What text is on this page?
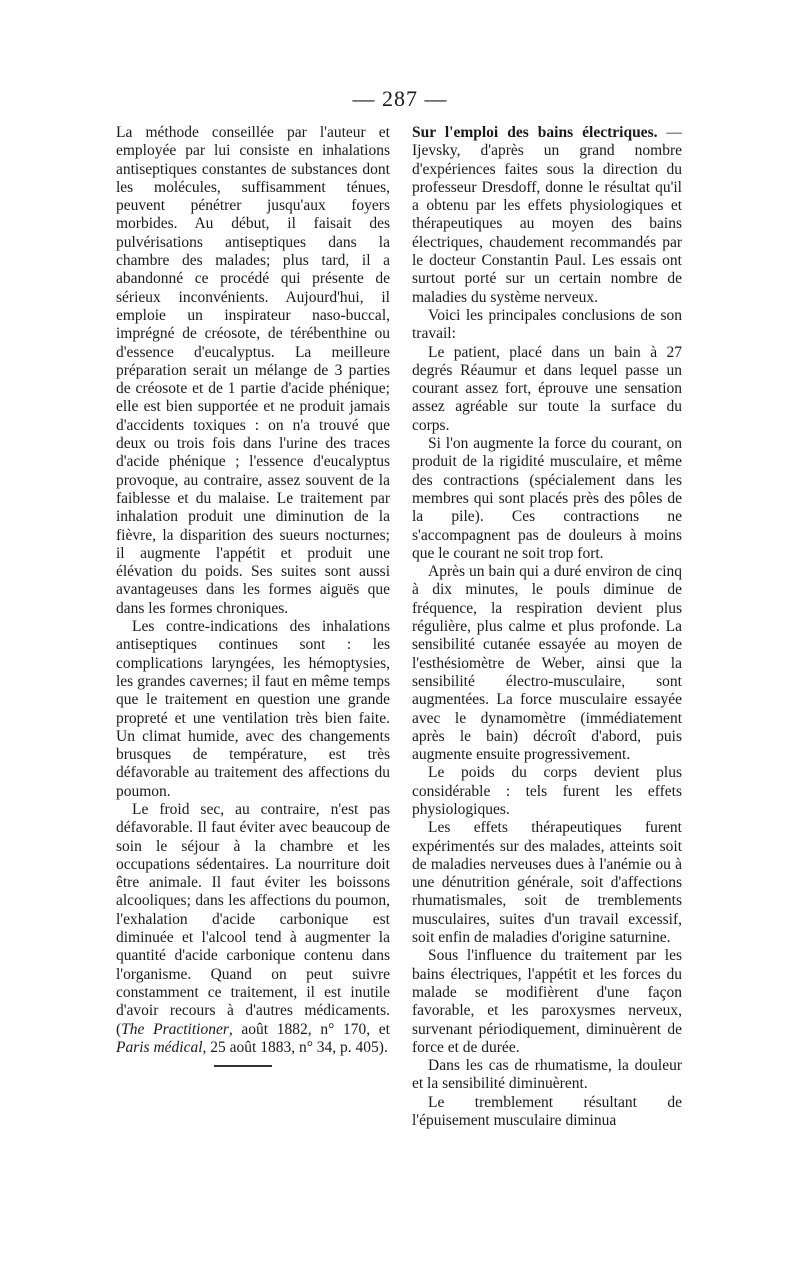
— 287 —

La méthode conseillée par l'auteur et employée par lui consiste en inhalations antiseptiques constantes de substances dont les molécules, suffisamment ténues, peuvent pénétrer jusqu'aux foyers morbides. Au début, il faisait des pulvérisations antiseptiques dans la chambre des malades; plus tard, il a abandonné ce procédé qui présente de sérieux inconvénients. Aujourd'hui, il emploie un inspirateur naso-buccal, imprégné de créosote, de térébenthine ou d'essence d'eucalyptus. La meilleure préparation serait un mélange de 3 parties de créosote et de 1 partie d'acide phénique; elle est bien supportée et ne produit jamais d'accidents toxiques : on n'a trouvé que deux ou trois fois dans l'urine des traces d'acide phénique ; l'essence d'eucalyptus provoque, au contraire, assez souvent de la faiblesse et du malaise. Le traitement par inhalation produit une diminution de la fièvre, la disparition des sueurs nocturnes; il augmente l'appétit et produit une élévation du poids. Ses suites sont aussi avantageuses dans les formes aiguës que dans les formes chroniques.

Les contre-indications des inhalations antiseptiques continues sont : les complications laryngées, les hémoptysies, les grandes cavernes; il faut en même temps que le traitement en question une grande propreté et une ventilation très bien faite. Un climat humide, avec des changements brusques de température, est très défavorable au traitement des affections du poumon.

Le froid sec, au contraire, n'est pas défavorable. Il faut éviter avec beaucoup de soin le séjour à la chambre et les occupations sédentaires. La nourriture doit être animale. Il faut éviter les boissons alcooliques; dans les affections du poumon, l'exhalation d'acide carbonique est diminuée et l'alcool tend à augmenter la quantité d'acide carbonique contenu dans l'organisme. Quand on peut suivre constamment ce traitement, il est inutile d'avoir recours à d'autres médicaments. (The Practitioner, août 1882, n° 170, et Paris médical, 25 août 1883, n° 34, p. 405).

Sur l'emploi des bains électriques. — Ijevsky, d'après un grand nombre d'expériences faites sous la direction du professeur Dresdoff, donne le résultat qu'il a obtenu par les effets physiologiques et thérapeutiques au moyen des bains électriques, chaudement recommandés par le docteur Constantin Paul. Les essais ont surtout porté sur un certain nombre de maladies du système nerveux.

Voici les principales conclusions de son travail:

Le patient, placé dans un bain à 27 degrés Réaumur et dans lequel passe un courant assez fort, éprouve une sensation assez agréable sur toute la surface du corps.

Si l'on augmente la force du courant, on produit de la rigidité musculaire, et même des contractions (spécialement dans les membres qui sont placés près des pôles de la pile). Ces contractions ne s'accompagnent pas de douleurs à moins que le courant ne soit trop fort.

Après un bain qui a duré environ de cinq à dix minutes, le pouls diminue de fréquence, la respiration devient plus régulière, plus calme et plus profonde. La sensibilité cutanée essayée au moyen de l'esthésiomètre de Weber, ainsi que la sensibilité électro-musculaire, sont augmentées. La force musculaire essayée avec le dynamomètre (immédiatement après le bain) décroît d'abord, puis augmente ensuite progressivement.

Le poids du corps devient plus considérable : tels furent les effets physiologiques.

Les effets thérapeutiques furent expérimentés sur des malades, atteints soit de maladies nerveuses dues à l'anémie ou à une dénutrition générale, soit d'affections rhumatismales, soit de tremblements musculaires, suites d'un travail excessif, soit enfin de maladies d'origine saturnine.

Sous l'influence du traitement par les bains électriques, l'appétit et les forces du malade se modifièrent d'une façon favorable, et les paroxysmes nerveux, survenant périodiquement, diminuèrent de force et de durée.

Dans les cas de rhumatisme, la douleur et la sensibilité diminuèrent.

Le tremblement résultant de l'épuisement musculaire diminua
